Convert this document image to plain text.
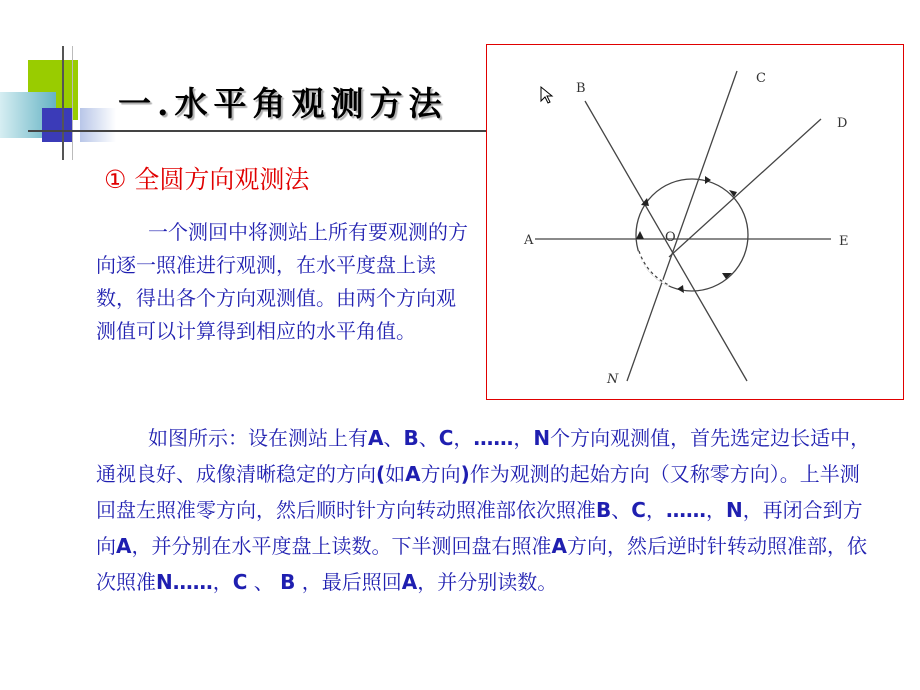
一.水平角观测方法
① 全圆方向观测法
一个测回中将测站上所有要观测的方向逐一照准进行观测，在水平度盘上读数，得出各个方向观测值。由两个方向观测值可以计算得到相应的水平角值。
A
B
C
D
E
N
O
如图所示：设在测站上有A、B、C，……，N个方向观测值，首先选定边长适中，通视良好、成像清晰稳定的方向(如A方向)作为观测的起始方向（又称零方向）。上半测回盘左照准零方向，然后顺时针方向转动照准部依次照准B、C，……，N，再闭合到方向A，并分别在水平度盘上读数。下半测回盘右照准A方向，然后逆时针转动照准部，依次照准N……，C 、 B ，最后照回A，并分别读数。
